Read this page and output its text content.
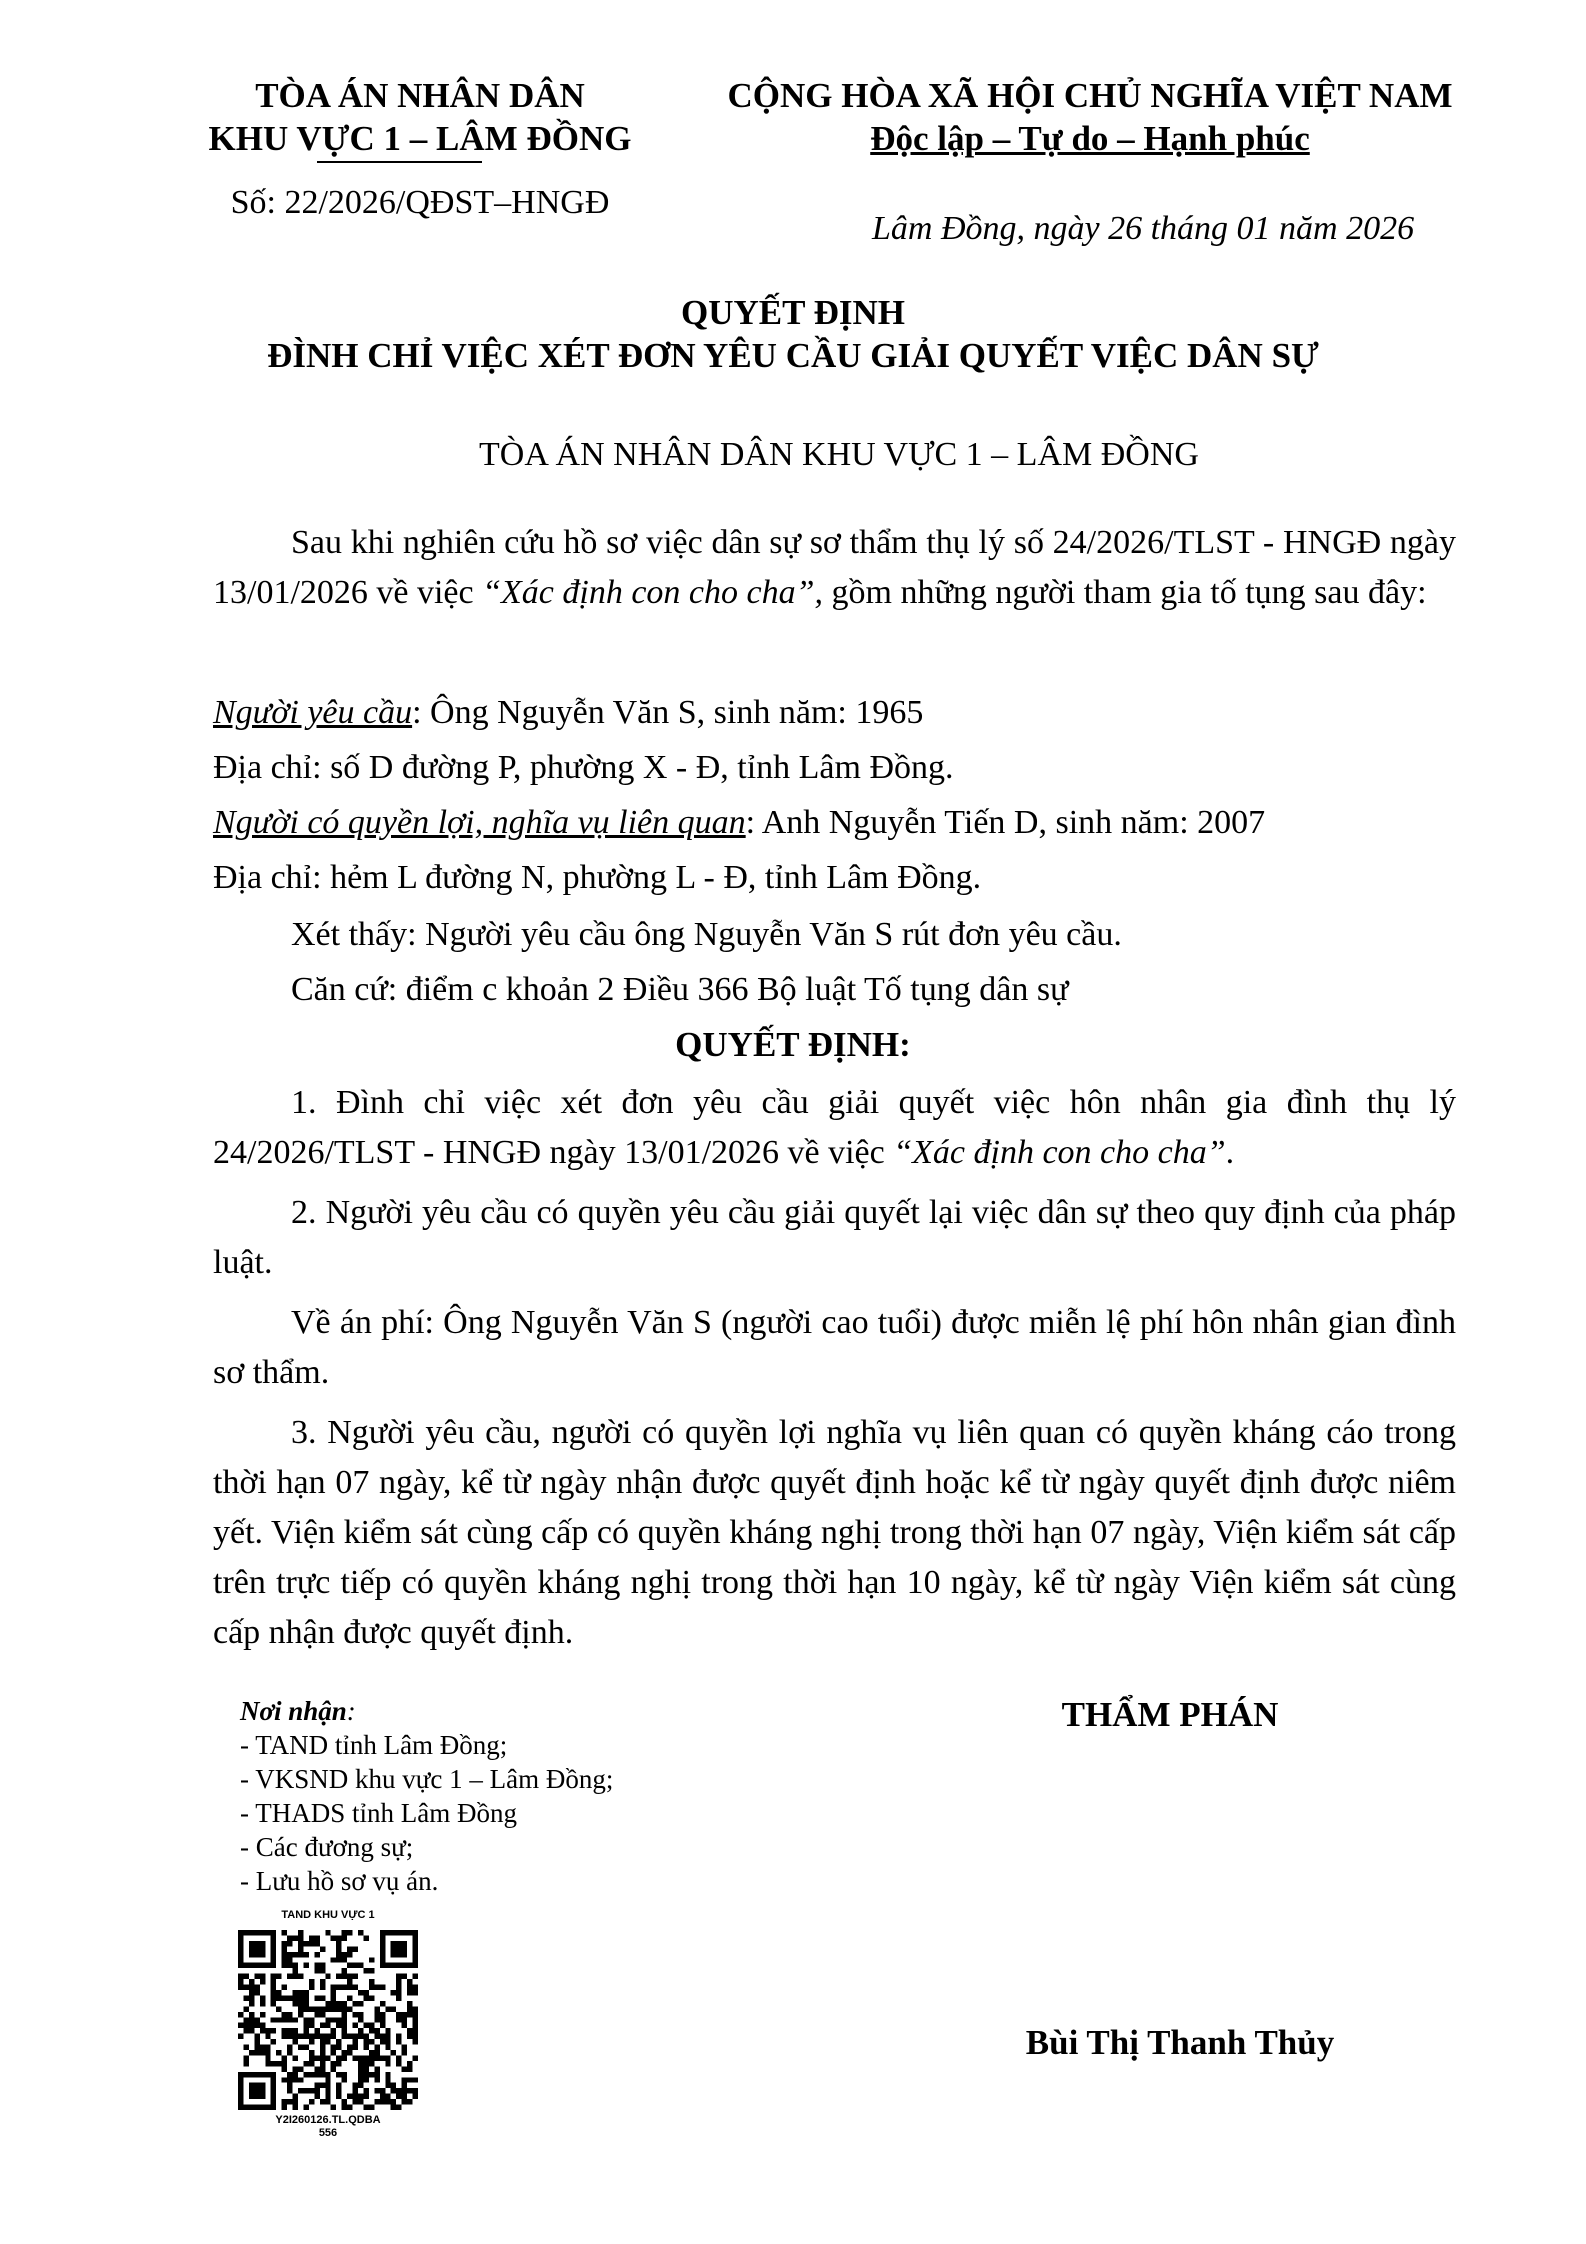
TÒA ÁN NHÂN DÂN
KHU VỰC 1 – LÂM ĐỒNG
Số: 22/2026/QĐST–HNGĐ
CỘNG HÒA XÃ HỘI CHỦ NGHĨA VIỆT NAM
Độc lập – Tự do – Hạnh phúc
Lâm Đồng, ngày 26 tháng 01 năm 2026
QUYẾT ĐỊNH
ĐÌNH CHỈ VIỆC XÉT ĐƠN YÊU CẦU GIẢI QUYẾT VIỆC DÂN SỰ
TÒA ÁN NHÂN DÂN KHU VỰC 1 – LÂM ĐỒNG
Sau khi nghiên cứu hồ sơ việc dân sự sơ thẩm thụ lý số 24/2026/TLST - HNGĐ ngày 13/01/2026 về việc “Xác định con cho cha”, gồm những người tham gia tố tụng sau đây:
Người yêu cầu: Ông Nguyễn Văn S, sinh năm: 1965
Địa chỉ: số D đường P, phường X - Đ, tỉnh Lâm Đồng.
Người có quyền lợi, nghĩa vụ liên quan: Anh Nguyễn Tiến D, sinh năm: 2007
Địa chỉ: hẻm L đường N, phường L - Đ, tỉnh Lâm Đồng.
Xét thấy: Người yêu cầu ông Nguyễn Văn S rút đơn yêu cầu.
Căn cứ: điểm c khoản 2 Điều 366 Bộ luật Tố tụng dân sự
QUYẾT ĐỊNH:
1. Đình chỉ việc xét đơn yêu cầu giải quyết việc hôn nhân gia đình thụ lý 24/2026/TLST - HNGĐ ngày 13/01/2026 về việc “Xác định con cho cha”.
2. Người yêu cầu có quyền yêu cầu giải quyết lại việc dân sự theo quy định của pháp luật.
Về án phí: Ông Nguyễn Văn S (người cao tuổi) được miễn lệ phí hôn nhân gian đình sơ thẩm.
3. Người yêu cầu, người có quyền lợi nghĩa vụ liên quan có quyền kháng cáo trong thời hạn 07 ngày, kể từ ngày nhận được quyết định hoặc kể từ ngày quyết định được niêm yết. Viện kiểm sát cùng cấp có quyền kháng nghị trong thời hạn 07 ngày, Viện kiểm sát cấp trên trực tiếp có quyền kháng nghị trong thời hạn 10 ngày, kể từ ngày Viện kiểm sát cùng cấp nhận được quyết định.
Nơi nhận:
- TAND tỉnh Lâm Đồng;
- VKSND khu vực 1 – Lâm Đồng;
- THADS tỉnh Lâm Đồng
- Các đương sự;
- Lưu hồ sơ vụ án.
TAND KHU VỰC 1
Y2I260126.TL.QDBA
556
THẨM PHÁN
Bùi Thị Thanh Thủy
